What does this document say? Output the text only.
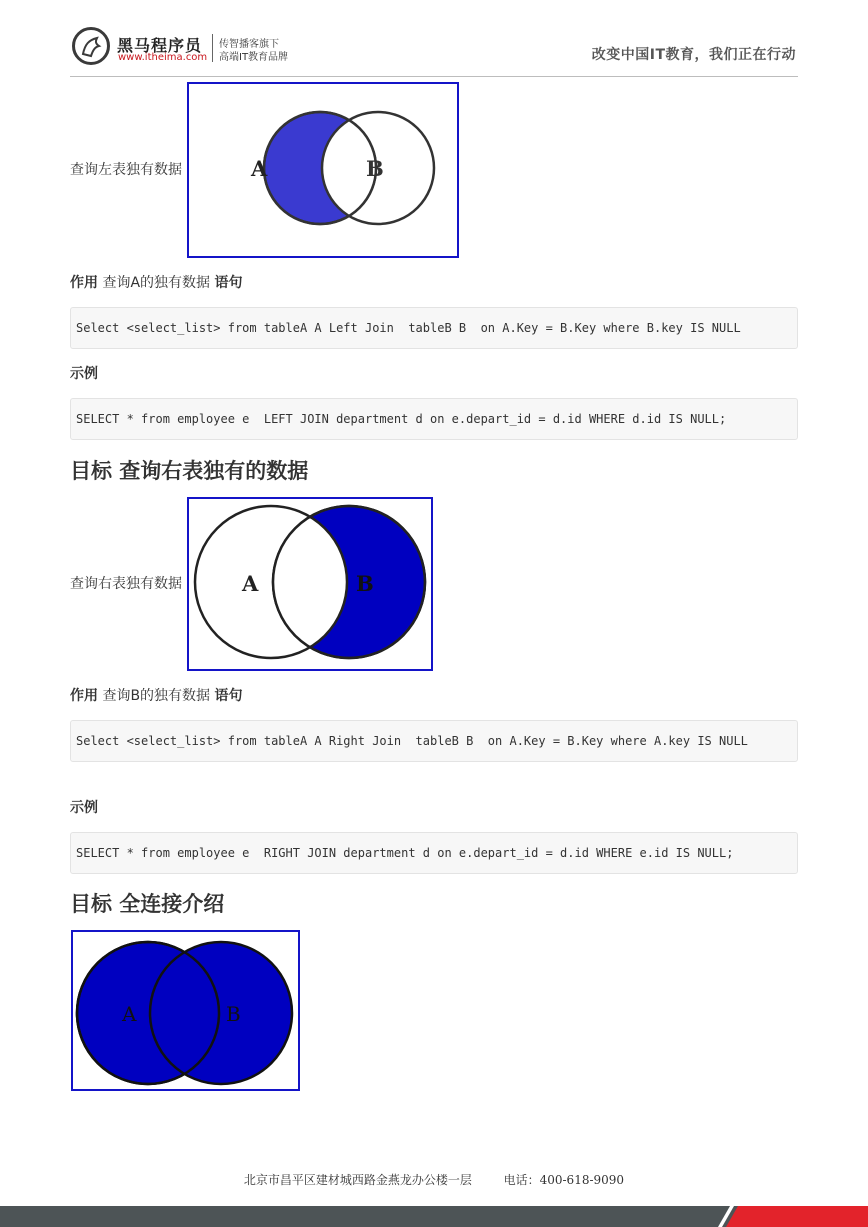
黑马程序员
www.itheima.com
传智播客旗下
高端IT教育品牌	改变中国IT教育，我们正在行动
查询左表独有数据	A	B
作用 查询A的独有数据 语句
Select <select_list> from tableA A Left Join  tableB B  on A.Key = B.Key where B.key IS NULL
示例
SELECT * from employee e  LEFT JOIN department d on e.depart_id = d.id WHERE d.id IS NULL;
目标 查询右表独有的数据
查询右表独有数据	A	B
作用 查询B的独有数据 语句
Select <select_list> from tableA A Right Join  tableB B  on A.Key = B.Key where A.key IS NULL
示例
SELECT * from employee e  RIGHT JOIN department d on e.depart_id = d.id WHERE e.id IS NULL;
目标 全连接介绍
A	B
北京市昌平区建材城西路金燕龙办公楼一层	电话：400-618-9090
